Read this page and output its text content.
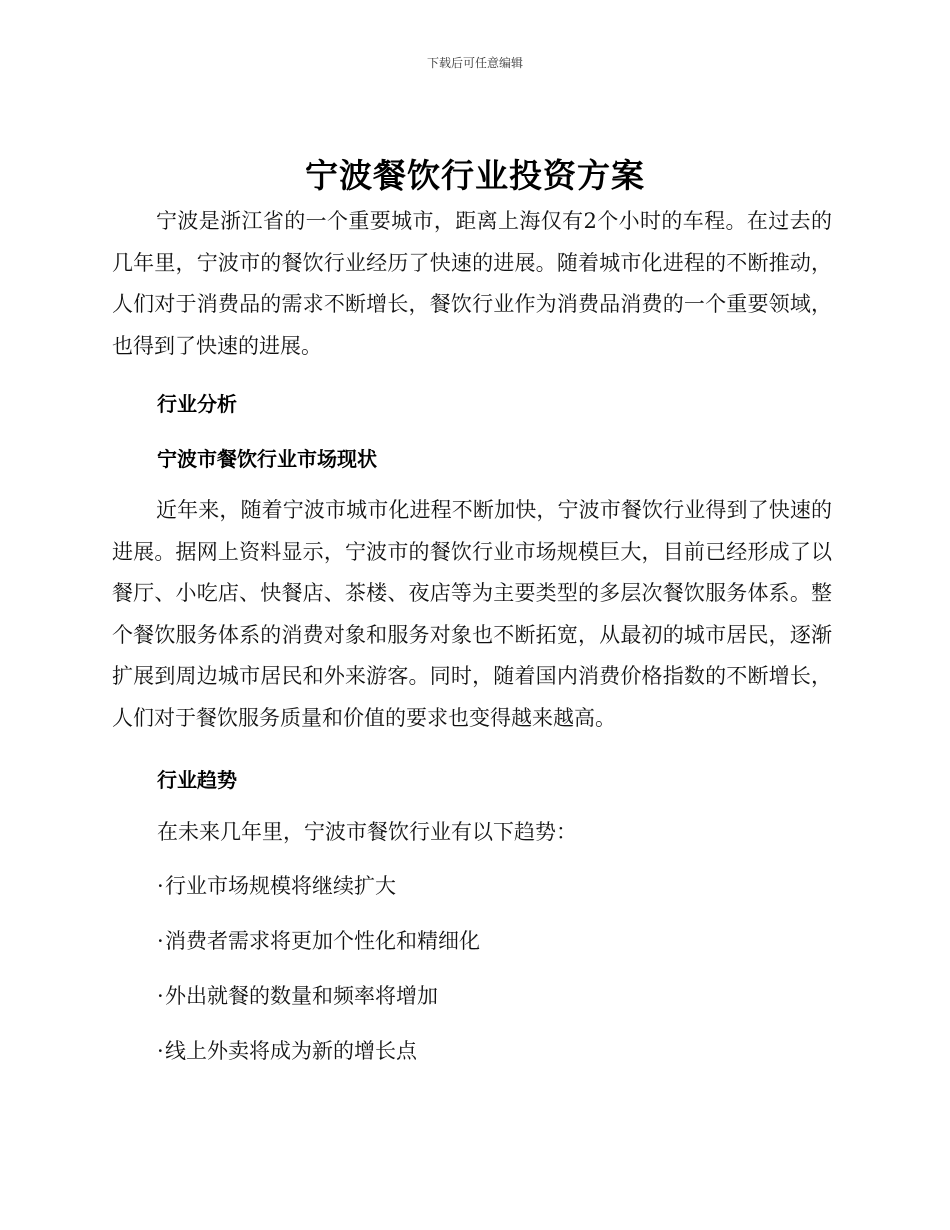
下载后可任意编辑
宁波餐饮行业投资方案

宁波是浙江省的一个重要城市，距离上海仅有2个小时的车程。在过去的几年里，宁波市的餐饮行业经历了快速的进展。随着城市化进程的不断推动，人们对于消费品的需求不断增长，餐饮行业作为消费品消费的一个重要领域，也得到了快速的进展。

行业分析

宁波市餐饮行业市场现状

近年来，随着宁波市城市化进程不断加快，宁波市餐饮行业得到了快速的进展。据网上资料显示，宁波市的餐饮行业市场规模巨大，目前已经形成了以餐厅、小吃店、快餐店、茶楼、夜店等为主要类型的多层次餐饮服务体系。整个餐饮服务体系的消费对象和服务对象也不断拓宽，从最初的城市居民，逐渐扩展到周边城市居民和外来游客。同时，随着国内消费价格指数的不断增长，人们对于餐饮服务质量和价值的要求也变得越来越高。

行业趋势

在未来几年里，宁波市餐饮行业有以下趋势：

·行业市场规模将继续扩大
·消费者需求将更加个性化和精细化
·外出就餐的数量和频率将增加
·线上外卖将成为新的增长点
